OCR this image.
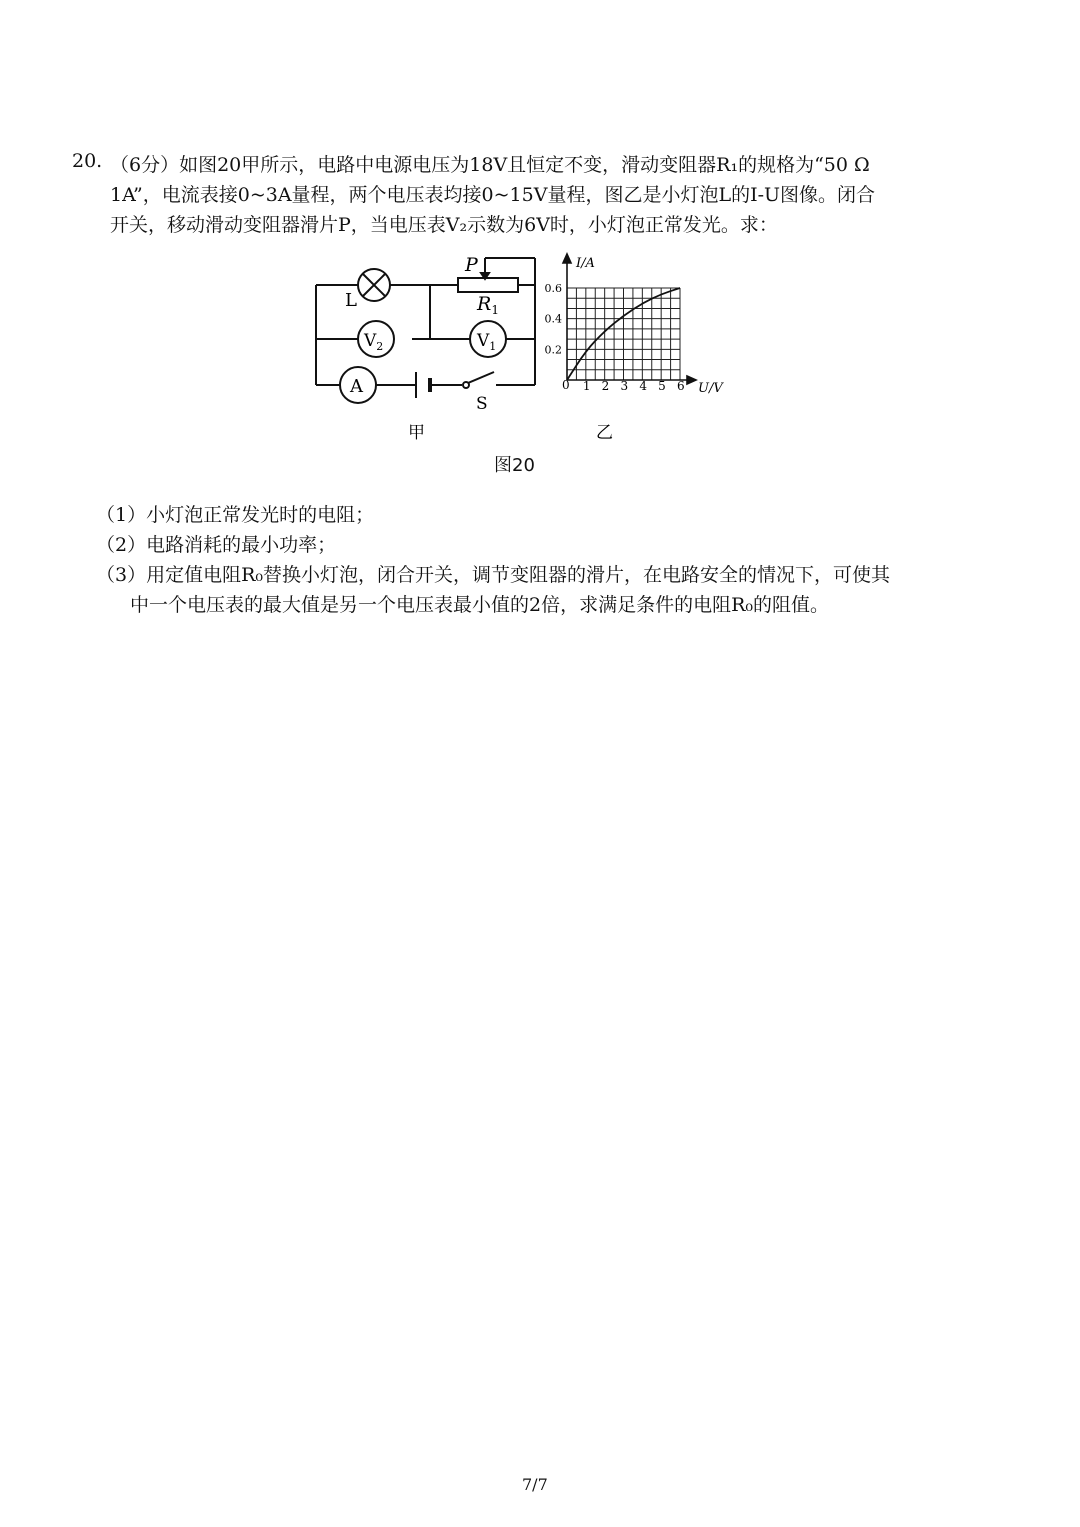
20. （6分）如图20甲所示，电路中电源电压为18V且恒定不变，滑动变阻器R₁的规格为“50 Ω
1A”，电流表接0~3A量程，两个电压表均接0~15V量程，图乙是小灯泡L的I-U图像。闭合
开关，移动滑动变阻器滑片P，当电压表V₂示数为6V时，小灯泡正常发光。求：
L
P
$R_1$
$V_2$	$V_1$
A
S
甲
1 2 3 4 5 6
0.2
0.4
0.6
I/A
U/V
0
乙
图20
（1）小灯泡正常发光时的电阻；
（2）电路消耗的最小功率；
（3）用定值电阻R₀替换小灯泡，闭合开关，调节变阻器的滑片，在电路安全的情况下，可使其
中一个电压表的最大值是另一个电压表最小值的2倍，求满足条件的电阻R₀的阻值。
7/7
